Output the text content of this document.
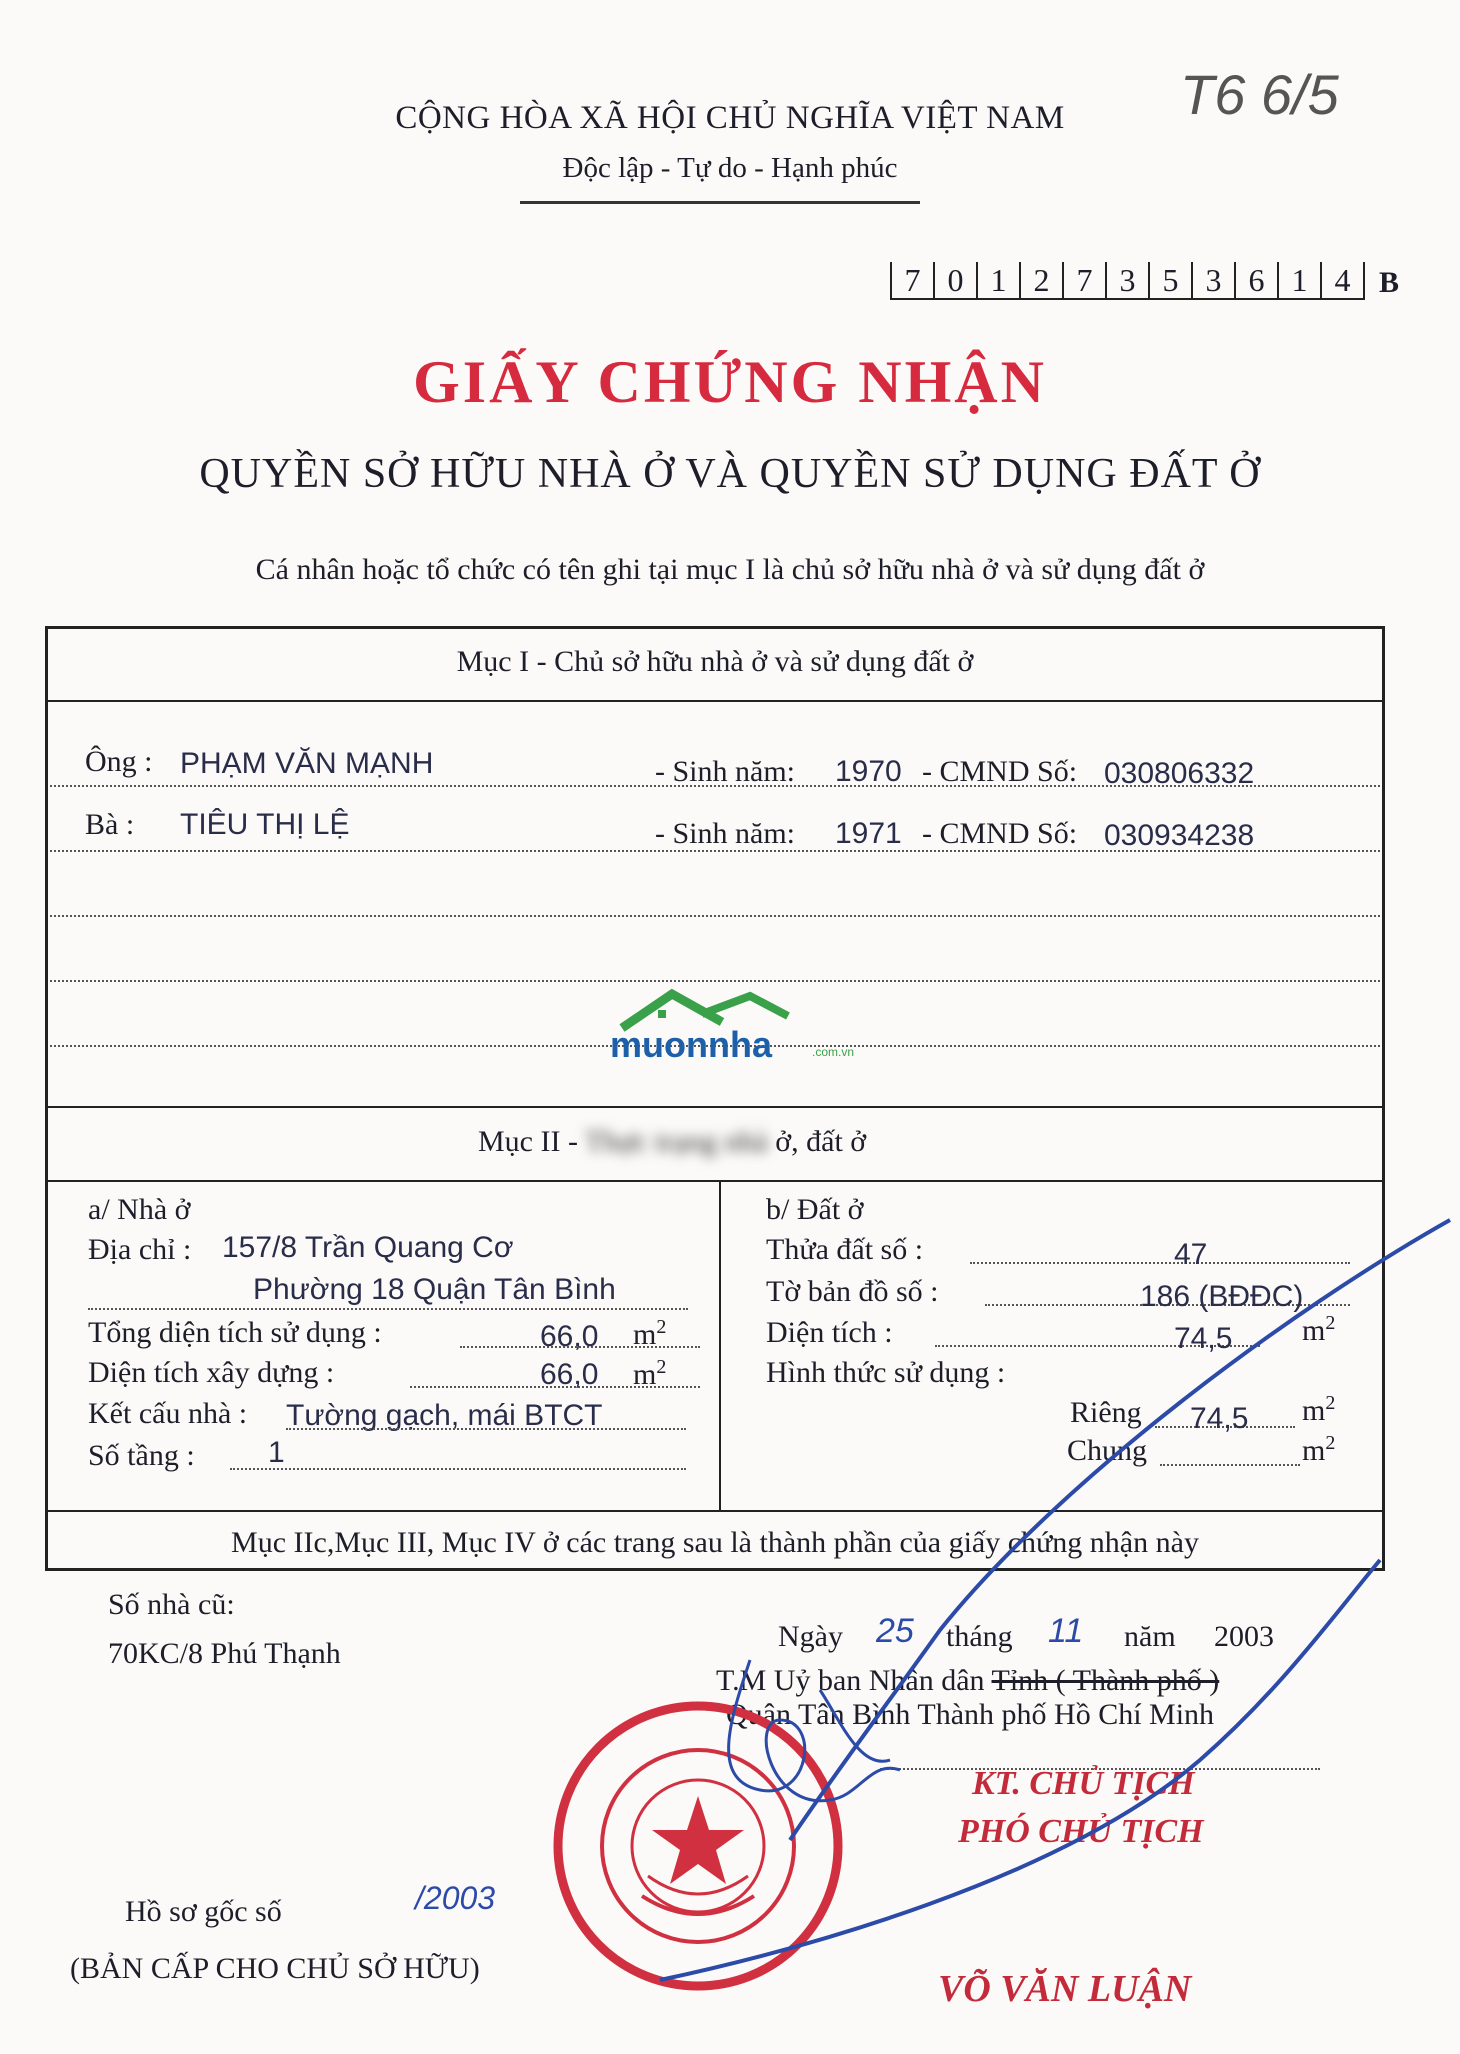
CỘNG HÒA XÃ HỘI CHỦ NGHĨA VIỆT NAM
Độc lập - Tự do - Hạnh phúc
T6 6/5
7 0 1 2 7 3 5 3 6 1 4 B
GIẤY CHỨNG NHẬN
QUYỀN SỞ HỮU NHÀ Ở VÀ QUYỀN SỬ DỤNG ĐẤT Ở
Cá nhân hoặc tổ chức có tên ghi tại mục I là chủ sở hữu nhà ở và sử dụng đất ở
Mục I - Chủ sở hữu nhà ở và sử dụng đất ở
Ông : PHẠM VĂN MẠNH	- Sinh năm: 1970 - CMND Số: 030806332
Bà : TIÊU THỊ LỆ	- Sinh năm: 1971 - CMND Số: 030934238
muonnha	.com.vn
Mục II - Thực trạng nhà ở, đất ở
a/ Nhà ở
Địa chỉ : 157/8 Trần Quang Cơ
Phường 18 Quận Tân Bình
Tổng diện tích sử dụng :	66,0 $m^2$
Diện tích xây dựng :	66,0 $m^2$
Kết cấu nhà : Tường gạch, mái BTCT
Số tầng : 1
b/ Đất ở
Thửa đất số :	47
Tờ bản đồ số :	186 (BĐĐC)
Diện tích :	74,5 $m^2$
Hình thức sử dụng :
Riêng 74,5 $m^2$
Chung	$m^2$
Mục IIc,Mục III, Mục IV ở các trang sau là thành phần của giấy chứng nhận này
Số nhà cũ:
70KC/8 Phú Thạnh
Ngày 25 tháng 11 năm 2003
T.M Uỷ ban Nhân dân Tỉnh ( Thành phố )
Quận Tân Bình Thành phố Hồ Chí Minh
KT. CHỦ TỊCH
PHÓ CHỦ TỊCH
VÕ VĂN LUẬN
Hồ sơ gốc số	/2003
(BẢN CẤP CHO CHỦ SỞ HỮU)
